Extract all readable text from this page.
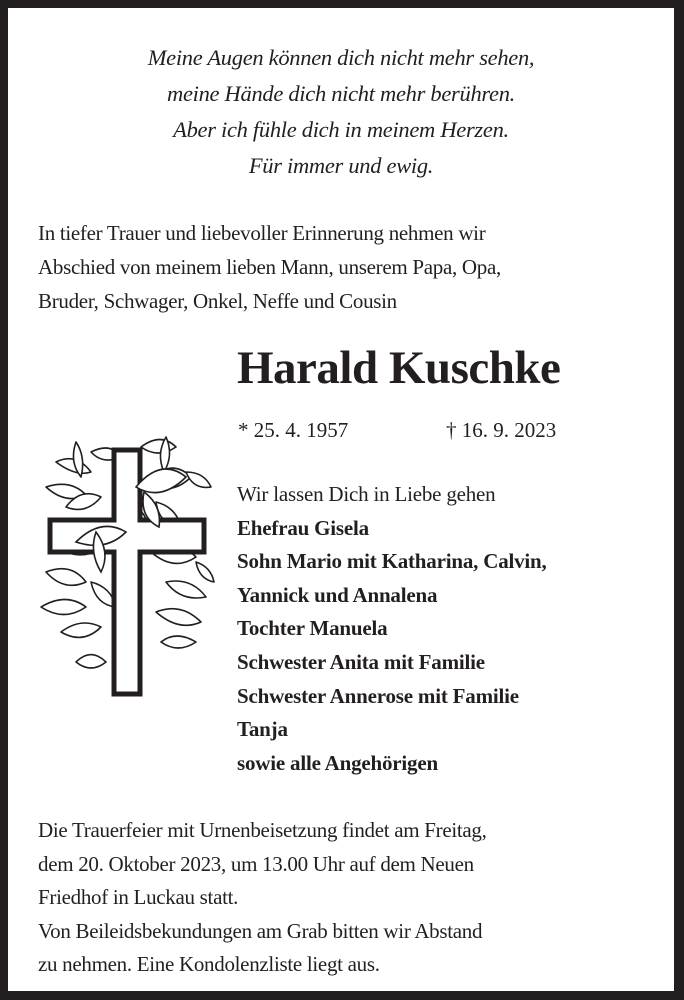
Meine Augen können dich nicht mehr sehen,
meine Hände dich nicht mehr berühren.
Aber ich fühle dich in meinem Herzen.
Für immer und ewig.
In tiefer Trauer und liebevoller Erinnerung nehmen wir
Abschied von meinem lieben Mann, unserem Papa, Opa,
Bruder, Schwager, Onkel, Neffe und Cousin
Harald Kuschke
* 25. 4. 1957	† 16. 9. 2023
Wir lassen Dich in Liebe gehen
Ehefrau Gisela
Sohn Mario mit Katharina, Calvin,
Yannick und Annalena
Tochter Manuela
Schwester Anita mit Familie
Schwester Annerose mit Familie
Tanja
sowie alle Angehörigen
Die Trauerfeier mit Urnenbeisetzung findet am Freitag,
dem 20. Oktober 2023, um 13.00 Uhr auf dem Neuen
Friedhof in Luckau statt.
Von Beileidsbekundungen am Grab bitten wir Abstand
zu nehmen. Eine Kondolenzliste liegt aus.
